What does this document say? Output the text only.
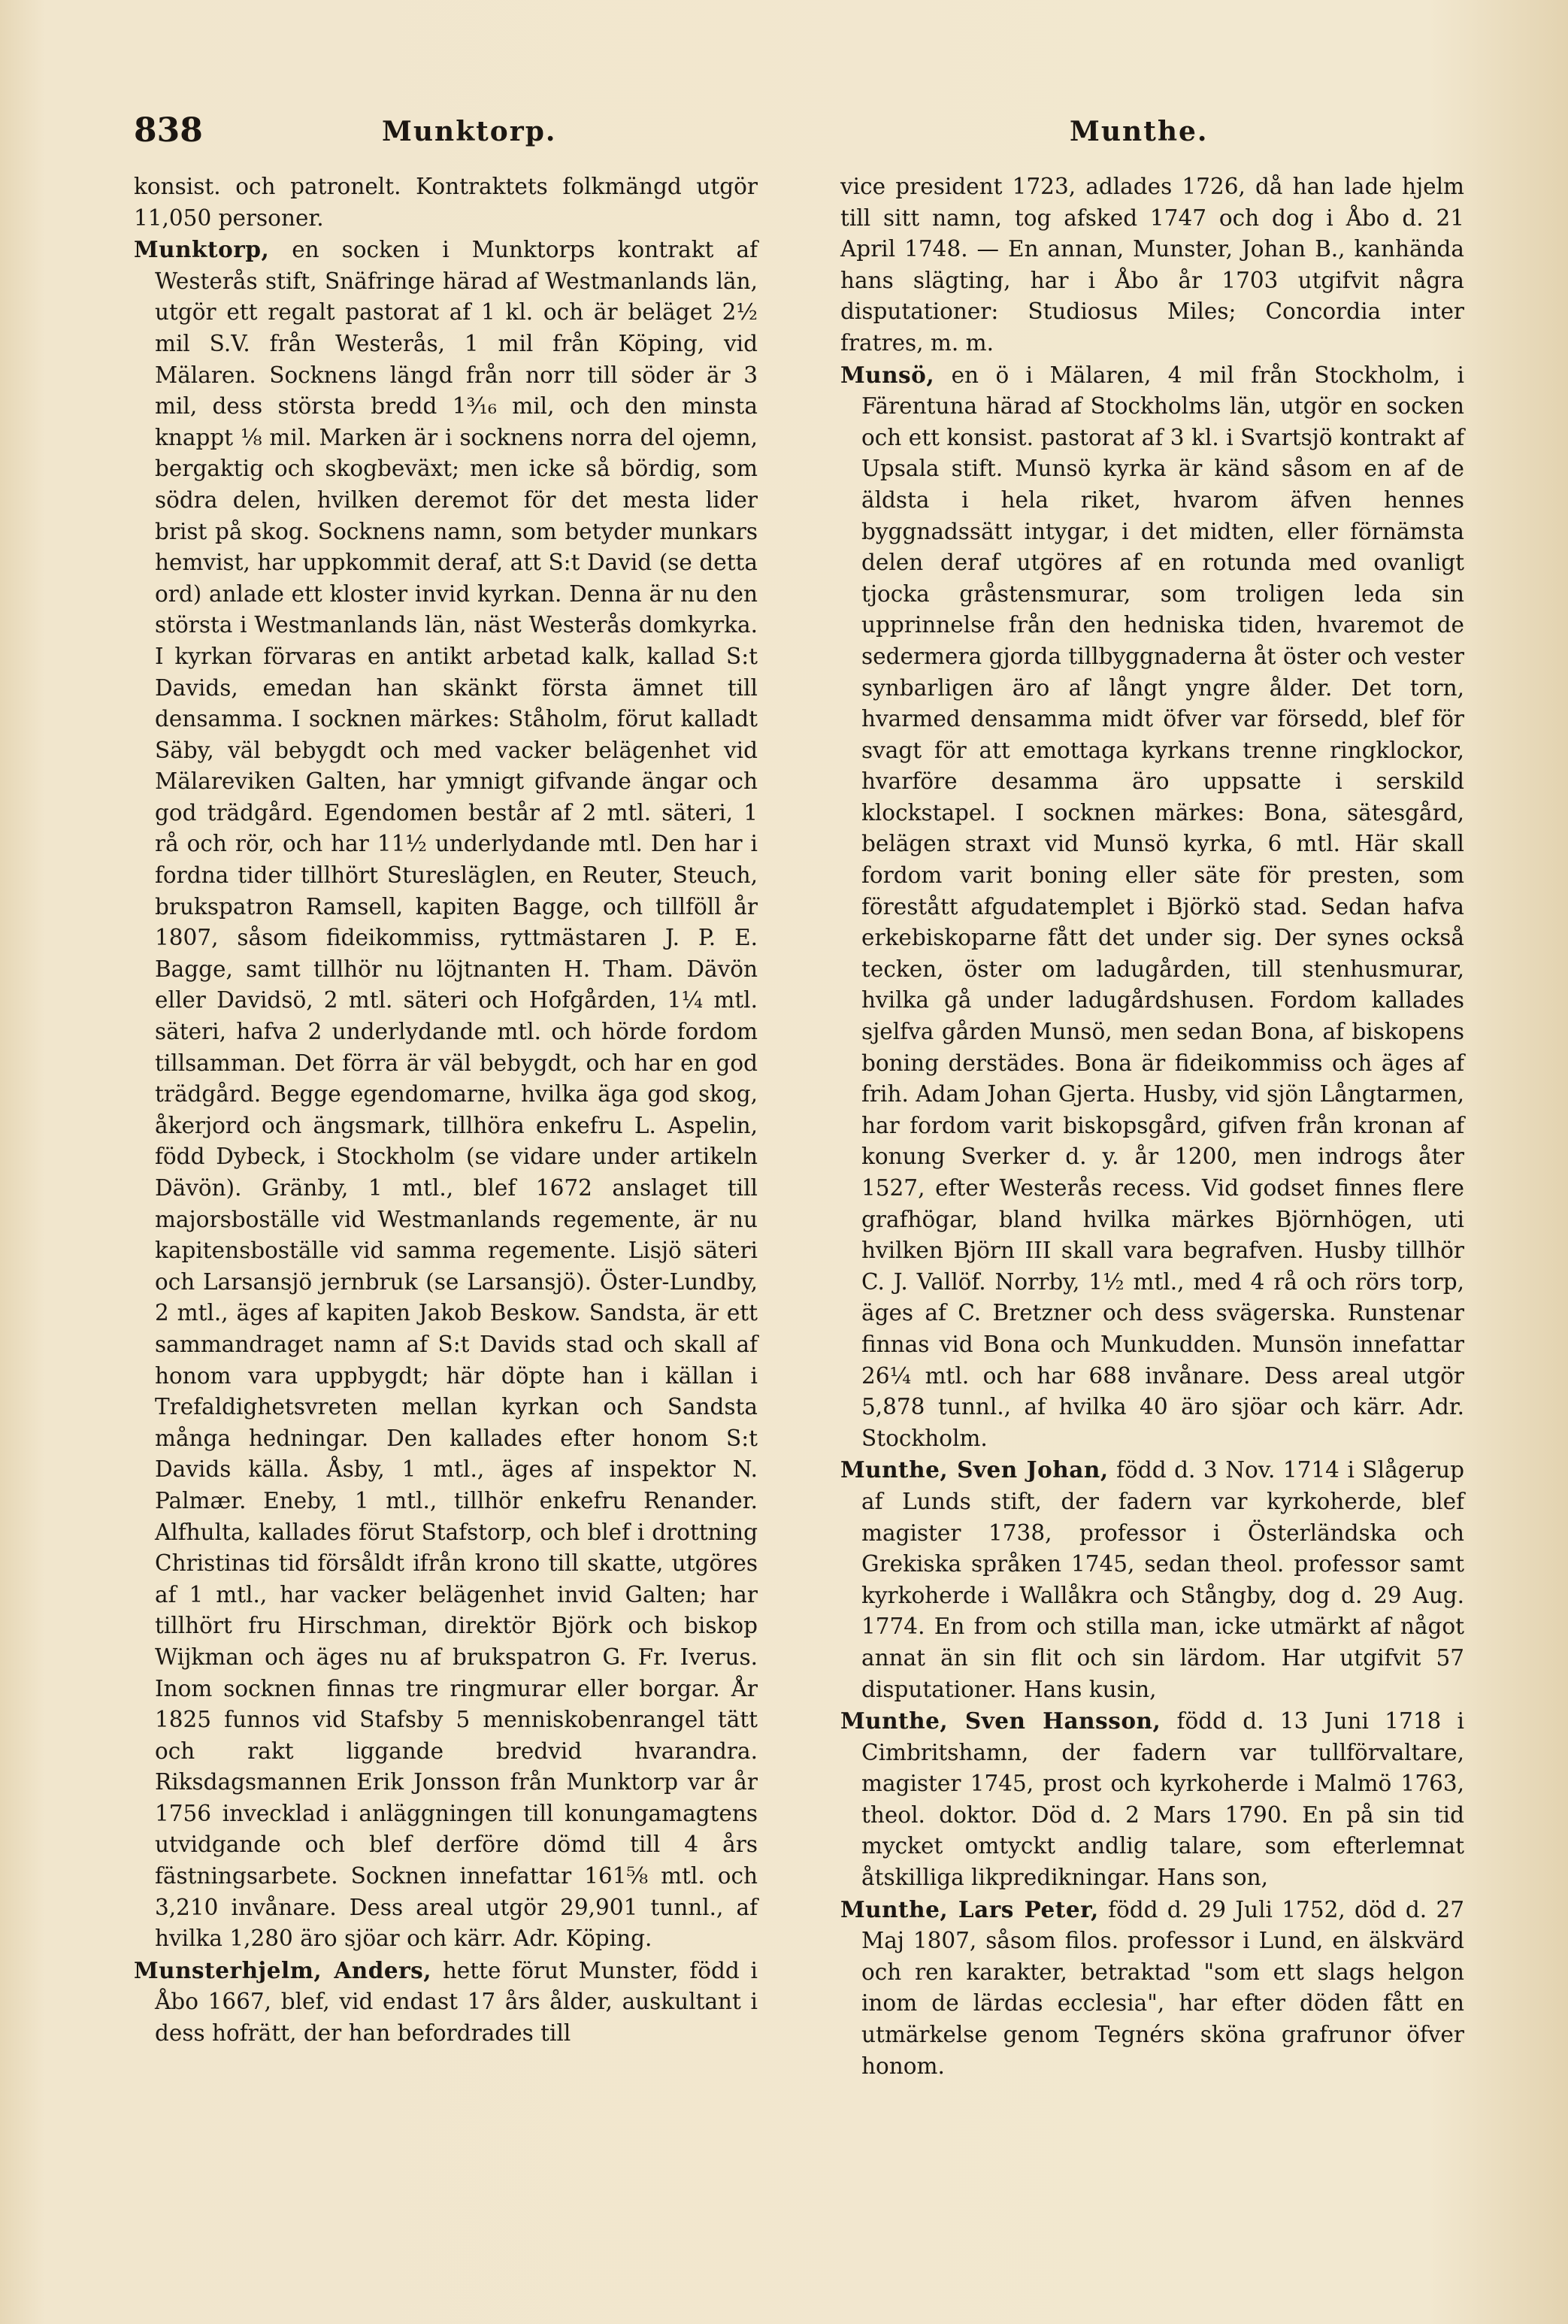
838	Munktorp.	Munthe.

konsist. och patronelt. Kontraktets folkmängd utgör 11,050 personer.

Munktorp, en socken i Munktorps kontrakt af Westerås stift, Snäfringe härad af Westmanlands län, utgör ett regalt pastorat af 1 kl. och är beläget 2½ mil S.V. från Westerås, 1 mil från Köping, vid Mälaren. Socknens längd från norr till söder är 3 mil, dess största bredd 1³⁄₁₆ mil, och den minsta knappt ⅛ mil. Marken är i socknens norra del ojemn, bergaktig och skogbeväxt; men icke så bördig, som södra delen, hvilken deremot för det mesta lider brist på skog. Socknens namn, som betyder munkars hemvist, har uppkommit deraf, att S:t David (se detta ord) anlade ett kloster invid kyrkan. Denna är nu den största i Westmanlands län, näst Westerås domkyrka. I kyrkan förvaras en antikt arbetad kalk, kallad S:t Davids, emedan han skänkt första ämnet till densamma. I socknen märkes: Ståholm, förut kalladt Säby, väl bebygdt och med vacker belägenhet vid Mälareviken Galten, har ymnigt gifvande ängar och god trädgård. Egendomen består af 2 mtl. säteri, 1 rå och rör, och har 11½ underlydande mtl. Den har i fordna tider tillhört Sturesläglen, en Reuter, Steuch, brukspatron Ramsell, kapiten Bagge, och tillföll år 1807, såsom fideikommiss, ryttmästaren J. P. E. Bagge, samt tillhör nu löjtnanten H. Tham. Dävön eller Davidsö, 2 mtl. säteri och Hofgården, 1¼ mtl. säteri, hafva 2 underlydande mtl. och hörde fordom tillsamman. Det förra är väl bebygdt, och har en god trädgård. Begge egendomarne, hvilka äga god skog, åkerjord och ängsmark, tillhöra enkefru L. Aspelin, född Dybeck, i Stockholm (se vidare under artikeln Dävön). Gränby, 1 mtl., blef 1672 anslaget till majorsboställe vid Westmanlands regemente, är nu kapitensboställe vid samma regemente. Lisjö säteri och Larsansjö jernbruk (se Larsansjö). Öster-Lundby, 2 mtl., äges af kapiten Jakob Beskow. Sandsta, är ett sammandraget namn af S:t Davids stad och skall af honom vara uppbygdt; här döpte han i källan i Trefaldighetsvreten mellan kyrkan och Sandsta många hedningar. Den kallades efter honom S:t Davids källa. Åsby, 1 mtl., äges af inspektor N. Palmær. Eneby, 1 mtl., tillhör enkefru Renander. Alfhulta, kallades förut Stafstorp, och blef i drottning Christinas tid försåldt ifrån krono till skatte, utgöres af 1 mtl., har vacker belägenhet invid Galten; har tillhört fru Hirschman, direktör Björk och biskop Wijkman och äges nu af brukspatron G. Fr. Iverus. Inom socknen finnas tre ringmurar eller borgar. År 1825 funnos vid Stafsby 5 menniskobenrangel tätt och rakt liggande bredvid hvarandra. Riksdagsmannen Erik Jonsson från Munktorp var år 1756 invecklad i anläggningen till konungamagtens utvidgande och blef derföre dömd till 4 års fästningsarbete. Socknen innefattar 161⅝ mtl. och 3,210 invånare. Dess areal utgör 29,901 tunnl., af hvilka 1,280 äro sjöar och kärr. Adr. Köping.

Munsterhjelm, Anders, hette förut Munster, född i Åbo 1667, blef, vid endast 17 års ålder, auskultant i dess hofrätt, der han befordrades till

vice president 1723, adlades 1726, då han lade hjelm till sitt namn, tog afsked 1747 och dog i Åbo d. 21 April 1748. — En annan, Munster, Johan B., kanhända hans slägting, har i Åbo år 1703 utgifvit några disputationer: Studiosus Miles; Concordia inter fratres, m. m.

Munsö, en ö i Mälaren, 4 mil från Stockholm, i Färentuna härad af Stockholms län, utgör en socken och ett konsist. pastorat af 3 kl. i Svartsjö kontrakt af Upsala stift. Munsö kyrka är känd såsom en af de äldsta i hela riket, hvarom äfven hennes byggnadssätt intygar, i det midten, eller förnämsta delen deraf utgöres af en rotunda med ovanligt tjocka gråstensmurar, som troligen leda sin upprinnelse från den hedniska tiden, hvaremot de sedermera gjorda tillbyggnaderna åt öster och vester synbarligen äro af långt yngre ålder. Det torn, hvarmed densamma midt öfver var försedd, blef för svagt för att emottaga kyrkans trenne ringklockor, hvarföre desamma äro uppsatte i serskild klockstapel. I socknen märkes: Bona, sätesgård, belägen straxt vid Munsö kyrka, 6 mtl. Här skall fordom varit boning eller säte för presten, som förestått afgudatemplet i Björkö stad. Sedan hafva erkebiskoparne fått det under sig. Der synes också tecken, öster om ladugården, till stenhusmurar, hvilka gå under ladugårdshusen. Fordom kallades sjelfva gården Munsö, men sedan Bona, af biskopens boning derstädes. Bona är fideikommiss och äges af frih. Adam Johan Gjerta. Husby, vid sjön Långtarmen, har fordom varit biskopsgård, gifven från kronan af konung Sverker d. y. år 1200, men indrogs åter 1527, efter Westerås recess. Vid godset finnes flere grafhögar, bland hvilka märkes Björnhögen, uti hvilken Björn III skall vara begrafven. Husby tillhör C. J. Vallöf. Norrby, 1½ mtl., med 4 rå och rörs torp, äges af C. Bretzner och dess svägerska. Runstenar finnas vid Bona och Munkudden. Munsön innefattar 26¼ mtl. och har 688 invånare. Dess areal utgör 5,878 tunnl., af hvilka 40 äro sjöar och kärr. Adr. Stockholm.

Munthe, Sven Johan, född d. 3 Nov. 1714 i Slågerup af Lunds stift, der fadern var kyrkoherde, blef magister 1738, professor i Österländska och Grekiska språken 1745, sedan theol. professor samt kyrkoherde i Wallåkra och Stångby, dog d. 29 Aug. 1774. En from och stilla man, icke utmärkt af något annat än sin flit och sin lärdom. Har utgifvit 57 disputationer. Hans kusin,

Munthe, Sven Hansson, född d. 13 Juni 1718 i Cimbritshamn, der fadern var tullförvaltare, magister 1745, prost och kyrkoherde i Malmö 1763, theol. doktor. Död d. 2 Mars 1790. En på sin tid mycket omtyckt andlig talare, som efterlemnat åtskilliga likpredikningar. Hans son,

Munthe, Lars Peter, född d. 29 Juli 1752, död d. 27 Maj 1807, såsom filos. professor i Lund, en älskvärd och ren karakter, betraktad "som ett slags helgon inom de lärdas ecclesia", har efter döden fått en utmärkelse genom Tegnérs sköna grafrunor öfver honom.
